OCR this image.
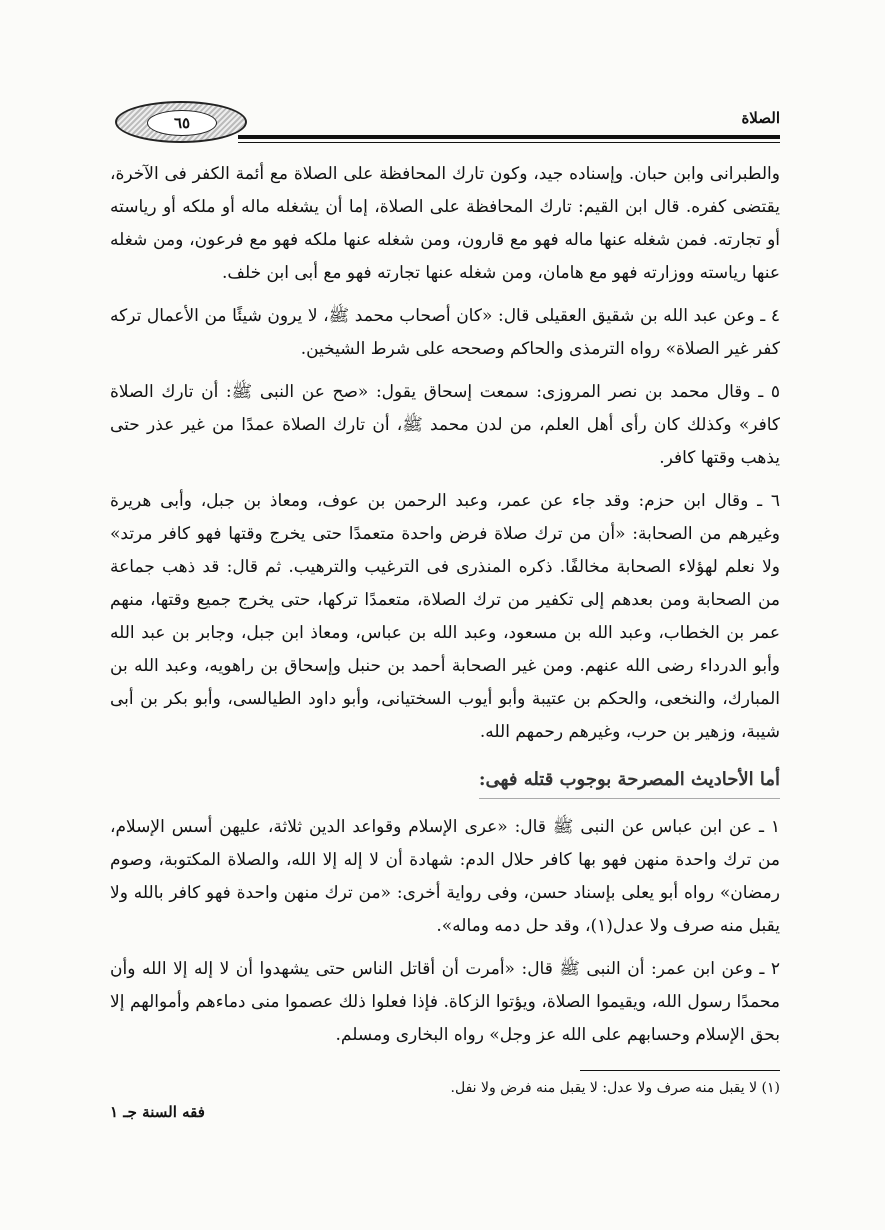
٦٥	الصلاة

والطبرانى وابن حبان. وإسناده جيد، وكون تارك المحافظة على الصلاة مع أئمة الكفر فى الآخرة، يقتضى كفره. قال ابن القيم: تارك المحافظة على الصلاة، إما أن يشغله ماله أو ملكه أو رياسته أو تجارته. فمن شغله عنها ماله فهو مع قارون، ومن شغله عنها ملكه فهو مع فرعون، ومن شغله عنها رياسته ووزارته فهو مع هامان، ومن شغله عنها تجارته فهو مع أبى ابن خلف.

٤ ـ وعن عبد الله بن شقيق العقيلى قال: «كان أصحاب محمد ﷺ، لا يرون شيئًا من الأعمال تركه كفر غير الصلاة» رواه الترمذى والحاكم وصححه على شرط الشيخين.

٥ ـ وقال محمد بن نصر المروزى: سمعت إسحاق يقول: «صح عن النبى ﷺ: أن تارك الصلاة كافر» وكذلك كان رأى أهل العلم، من لدن محمد ﷺ، أن تارك الصلاة عمدًا من غير عذر حتى يذهب وقتها كافر.

٦ ـ وقال ابن حزم: وقد جاء عن عمر، وعبد الرحمن بن عوف، ومعاذ بن جبل، وأبى هريرة وغيرهم من الصحابة: «أن من ترك صلاة فرض واحدة متعمدًا حتى يخرج وقتها فهو كافر مرتد» ولا نعلم لهؤلاء الصحابة مخالفًا. ذكره المنذرى فى الترغيب والترهيب. ثم قال: قد ذهب جماعة من الصحابة ومن بعدهم إلى تكفير من ترك الصلاة، متعمدًا تركها، حتى يخرج جميع وقتها، منهم عمر بن الخطاب، وعبد الله بن مسعود، وعبد الله بن عباس، ومعاذ ابن جبل، وجابر بن عبد الله وأبو الدرداء رضى الله عنهم. ومن غير الصحابة أحمد بن حنبل وإسحاق بن راهويه، وعبد الله بن المبارك، والنخعى، والحكم بن عتيبة وأبو أيوب السختيانى، وأبو داود الطيالسى، وأبو بكر بن أبى شيبة، وزهير بن حرب، وغيرهم رحمهم الله.

أما الأحاديث المصرحة بوجوب قتله فهى:

١ ـ عن ابن عباس عن النبى ﷺ قال: «عرى الإسلام وقواعد الدين ثلاثة، عليهن أسس الإسلام، من ترك واحدة منهن فهو بها كافر حلال الدم: شهادة أن لا إله إلا الله، والصلاة المكتوبة، وصوم رمضان» رواه أبو يعلى بإسناد حسن، وفى رواية أخرى: «من ترك منهن واحدة فهو كافر بالله ولا يقبل منه صرف ولا عدل(١)، وقد حل دمه وماله».

٢ ـ وعن ابن عمر: أن النبى ﷺ قال: «أمرت أن أقاتل الناس حتى يشهدوا أن لا إله إلا الله وأن محمدًا رسول الله، ويقيموا الصلاة، ويؤتوا الزكاة. فإذا فعلوا ذلك عصموا منى دماءهم وأموالهم إلا بحق الإسلام وحسابهم على الله عز وجل» رواه البخارى ومسلم.

(١) لا يقبل منه صرف ولا عدل: لا يقبل منه فرض ولا نفل.
فقه السنة جـ ١
